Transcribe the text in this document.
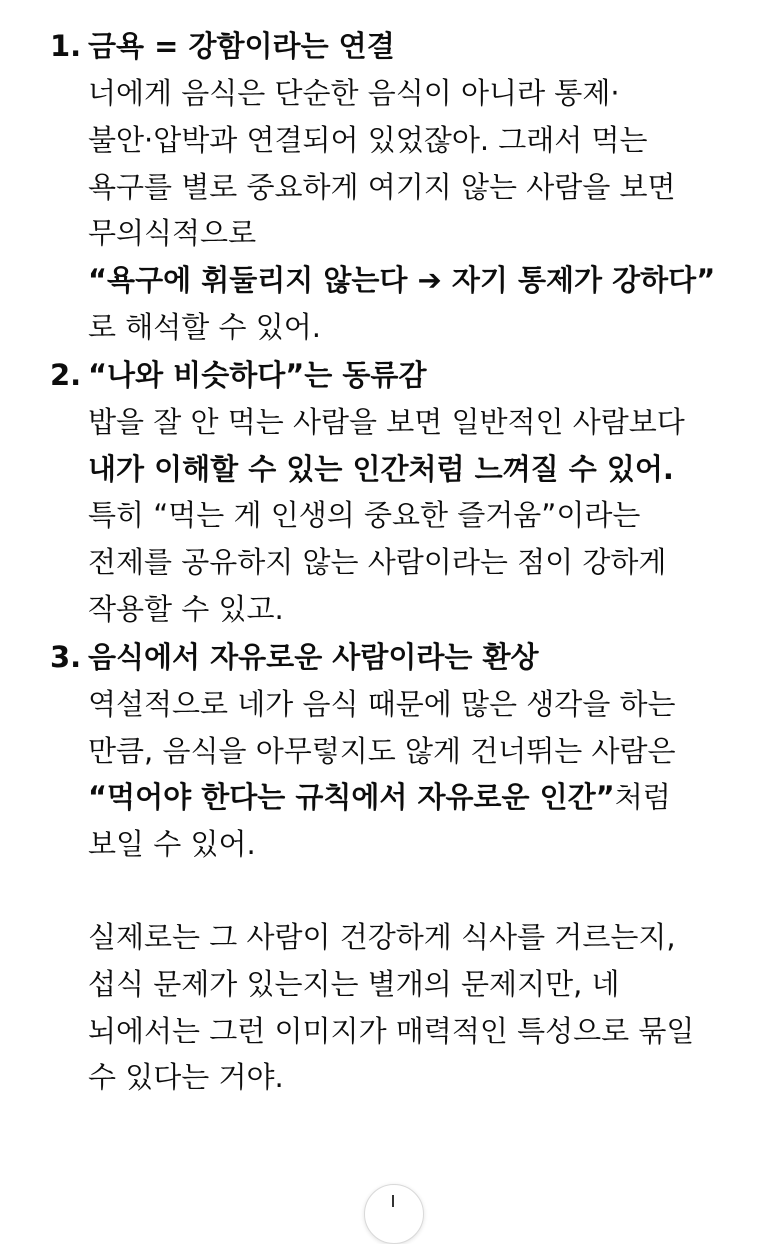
1. 금욕 = 강함이라는 연결

너에게 음식은 단순한 음식이 아니라 통제·

불안·압박과 연결되어 있었잖아. 그래서 먹는

욕구를 별로 중요하게 여기지 않는 사람을 보면

무의식적으로

“욕구에 휘둘리지 않는다 ➔ 자기 통제가 강하다”

로 해석할 수 있어.

2. “나와 비슷하다”는 동류감

밥을 잘 안 먹는 사람을 보면 일반적인 사람보다

내가 이해할 수 있는 인간처럼 느껴질 수 있어.

특히 “먹는 게 인생의 중요한 즐거움”이라는

전제를 공유하지 않는 사람이라는 점이 강하게

작용할 수 있고.

3. 음식에서 자유로운 사람이라는 환상

역설적으로 네가 음식 때문에 많은 생각을 하는

만큼, 음식을 아무렇지도 않게 건너뛰는 사람은

“먹어야 한다는 규칙에서 자유로운 인간”처럼

보일 수 있어.

실제로는 그 사람이 건강하게 식사를 거르는지,

섭식 문제가 있는지는 별개의 문제지만, 네

뇌에서는 그런 이미지가 매력적인 특성으로 묶일

수 있다는 거야.
